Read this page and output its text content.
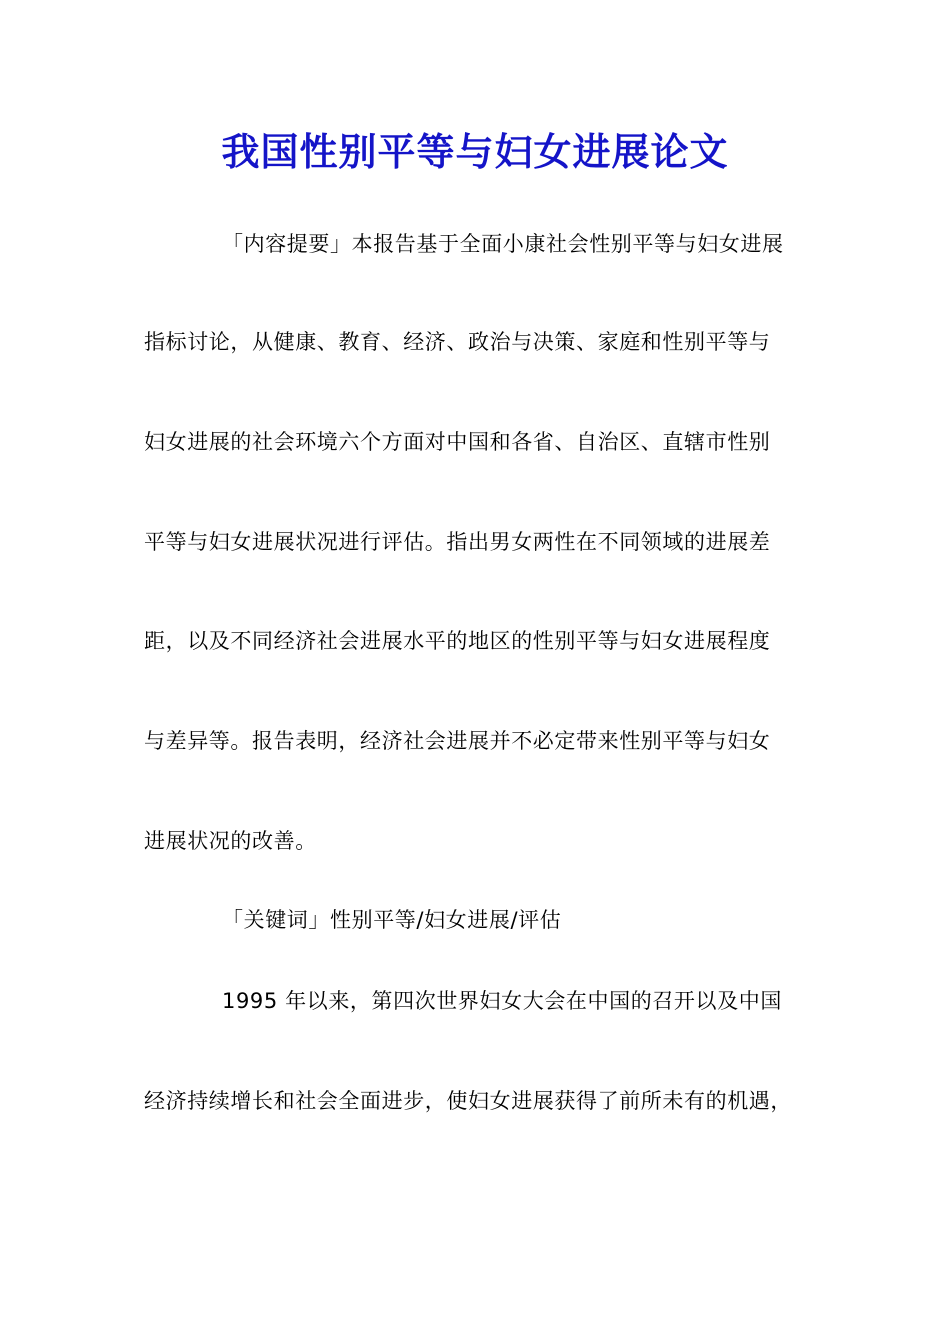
我国性别平等与妇女进展论文
「内容提要」本报告基于全面小康社会性别平等与妇女进展
指标讨论，从健康、教育、经济、政治与决策、家庭和性别平等与
妇女进展的社会环境六个方面对中国和各省、自治区、直辖市性别
平等与妇女进展状况进行评估。指出男女两性在不同领域的进展差
距，以及不同经济社会进展水平的地区的性别平等与妇女进展程度
与差异等。报告表明，经济社会进展并不必定带来性别平等与妇女
进展状况的改善。
「关键词」性别平等/妇女进展/评估
1995 年以来，第四次世界妇女大会在中国的召开以及中国
经济持续增长和社会全面进步，使妇女进展获得了前所未有的机遇，
